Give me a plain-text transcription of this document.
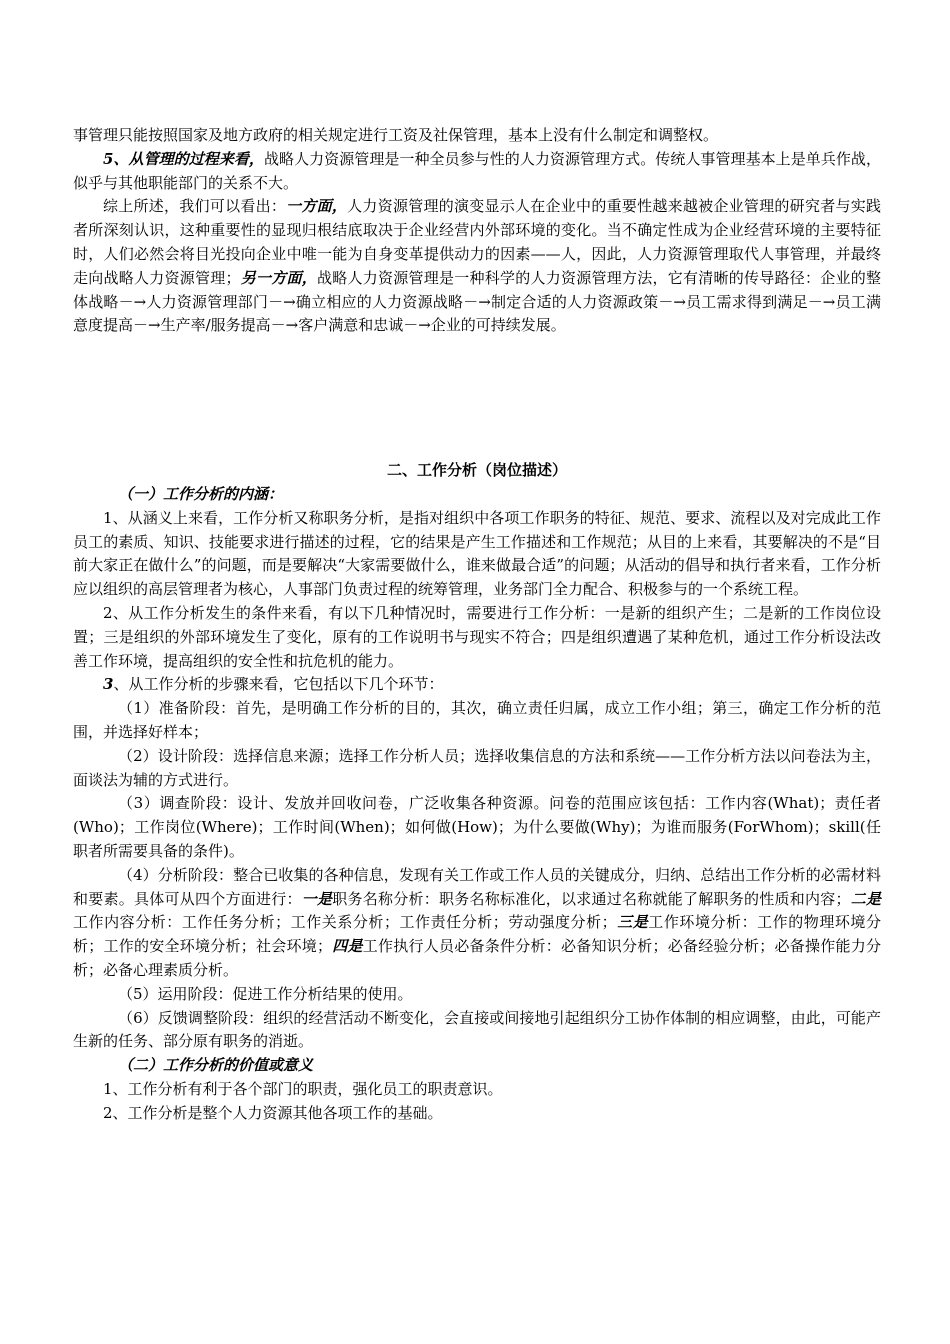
事管理只能按照国家及地方政府的相关规定进行工资及社保管理，基本上没有什么制定和调整权。

5、从管理的过程来看，战略人力资源管理是一种全员参与性的人力资源管理方式。传统人事管理基本上是单兵作战，似乎与其他职能部门的关系不大。

综上所述，我们可以看出：一方面，人力资源管理的演变显示人在企业中的重要性越来越被企业管理的研究者与实践者所深刻认识，这种重要性的显现归根结底取决于企业经营内外部环境的变化。当不确定性成为企业经营环境的主要特征时，人们必然会将目光投向企业中唯一能为自身变革提供动力的因素——人，因此，人力资源管理取代人事管理，并最终走向战略人力资源管理；另一方面，战略人力资源管理是一种科学的人力资源管理方法，它有清晰的传导路径：企业的整体战略－→人力资源管理部门－→确立相应的人力资源战略－→制定合适的人力资源政策－→员工需求得到满足－→员工满意度提高－→生产率/服务提高－→客户满意和忠诚－→企业的可持续发展。

二、工作分析（岗位描述）

（一）工作分析的内涵：

1、从涵义上来看，工作分析又称职务分析，是指对组织中各项工作职务的特征、规范、要求、流程以及对完成此工作员工的素质、知识、技能要求进行描述的过程，它的结果是产生工作描述和工作规范；从目的上来看，其要解决的不是“目前大家正在做什么”的问题，而是要解决“大家需要做什么，谁来做最合适”的问题；从活动的倡导和执行者来看，工作分析应以组织的高层管理者为核心，人事部门负责过程的统筹管理，业务部门全力配合、积极参与的一个系统工程。

2、从工作分析发生的条件来看，有以下几种情况时，需要进行工作分析：一是新的组织产生；二是新的工作岗位设置；三是组织的外部环境发生了变化，原有的工作说明书与现实不符合；四是组织遭遇了某种危机，通过工作分析设法改善工作环境，提高组织的安全性和抗危机的能力。

3、从工作分析的步骤来看，它包括以下几个环节：

（1）准备阶段：首先，是明确工作分析的目的，其次，确立责任归属，成立工作小组；第三，确定工作分析的范围，并选择好样本；

（2）设计阶段：选择信息来源；选择工作分析人员；选择收集信息的方法和系统——工作分析方法以问卷法为主，面谈法为辅的方式进行。

（3）调查阶段：设计、发放并回收问卷，广泛收集各种资源。问卷的范围应该包括：工作内容(What)；责任者(Who)；工作岗位(Where)；工作时间(When)；如何做(How)；为什么要做(Why)；为谁而服务(ForWhom)；skill(任职者所需要具备的条件)。

（4）分析阶段：整合已收集的各种信息，发现有关工作或工作人员的关键成分，归纳、总结出工作分析的必需材料和要素。具体可从四个方面进行：一是职务名称分析：职务名称标准化，以求通过名称就能了解职务的性质和内容；二是工作内容分析：工作任务分析；工作关系分析；工作责任分析；劳动强度分析；三是工作环境分析：工作的物理环境分析；工作的安全环境分析；社会环境；四是工作执行人员必备条件分析：必备知识分析；必备经验分析；必备操作能力分析；必备心理素质分析。

（5）运用阶段：促进工作分析结果的使用。

（6）反馈调整阶段：组织的经营活动不断变化，会直接或间接地引起组织分工协作体制的相应调整，由此，可能产生新的任务、部分原有职务的消逝。

（二）工作分析的价值或意义

1、工作分析有利于各个部门的职责，强化员工的职责意识。

2、工作分析是整个人力资源其他各项工作的基础。
